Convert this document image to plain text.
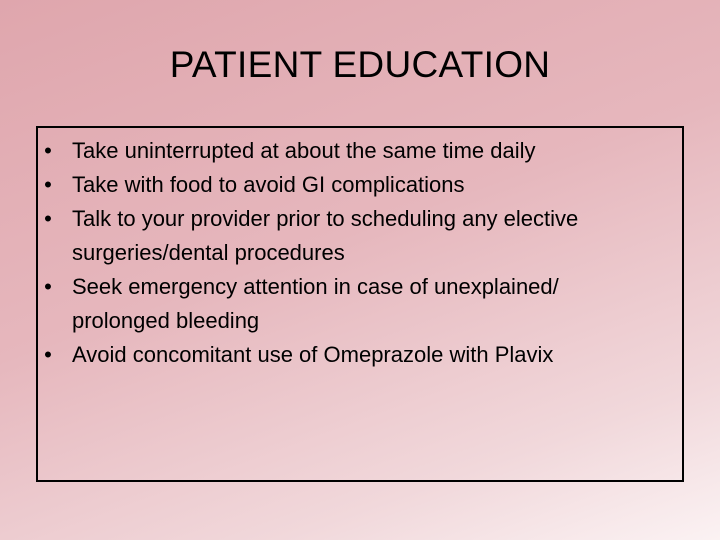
PATIENT EDUCATION
• Take uninterrupted at about the same time daily
• Take with food to avoid GI complications
• Talk to your provider prior to scheduling any elective
surgeries/dental procedures
• Seek emergency attention in case of unexplained/
prolonged bleeding
• Avoid concomitant use of Omeprazole with Plavix
